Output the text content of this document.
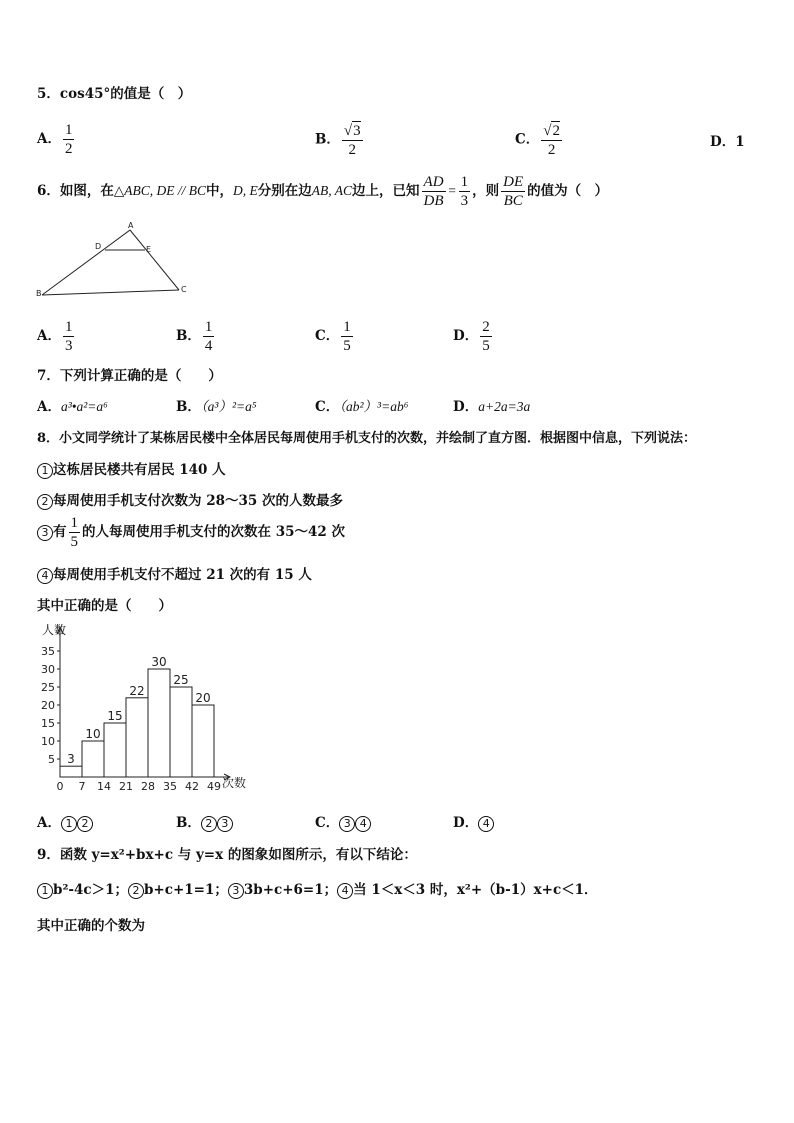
5．cos45°的值是（　）
A． $\frac{1}{2}$	B． $\frac{√3}{2}$	C． $\frac{√2}{2}$	D．1
6．如图，在△ABC, DE // BC中，D, E分别在边AB, AC边上，已知 $\frac{AD}{DB} = \frac{1}{3}$ ，则 $\frac{DE}{BC}$ 的值为（　）
A
B	C
D	E
A． $\frac{1}{3}$	B． $\frac{1}{4}$	C． $\frac{1}{5}$	D． $\frac{2}{5}$
7．下列计算正确的是（　　）
A．a³•a²=a⁶	B．（a³）²=a⁵	C．（ab²）³=ab⁶	D．a+2a=3a
8．小文同学统计了某栋居民楼中全体居民每周使用手机支付的次数，并绘制了直方图．根据图中信息，下列说法：
1 这栋居民楼共有居民 140 人
2 每周使用手机支付次数为 28～35 次的人数最多
3 有 $\frac{1}{5}$ 的人每周使用手机支付的次数在 35～42 次
4 每周使用手机支付不超过 21 次的有 15 人
其中正确的是（　　）
人数
次数
5
10
15
20
25
30
35
0 7 14 21 28 35 42 49
3
10
15
22
30
25
20
A． 1 2	B． 2 3	C． 3 4	D． 4
9．函数 y=x²+bx+c 与 y=x 的图象如图所示，有以下结论：
1 b²-4c＞1； 2 b+c+1=1； 3 3b+c+6=1； 4 当 1＜x＜3 时，x²+（b-1）x+c＜1．
其中正确的个数为
